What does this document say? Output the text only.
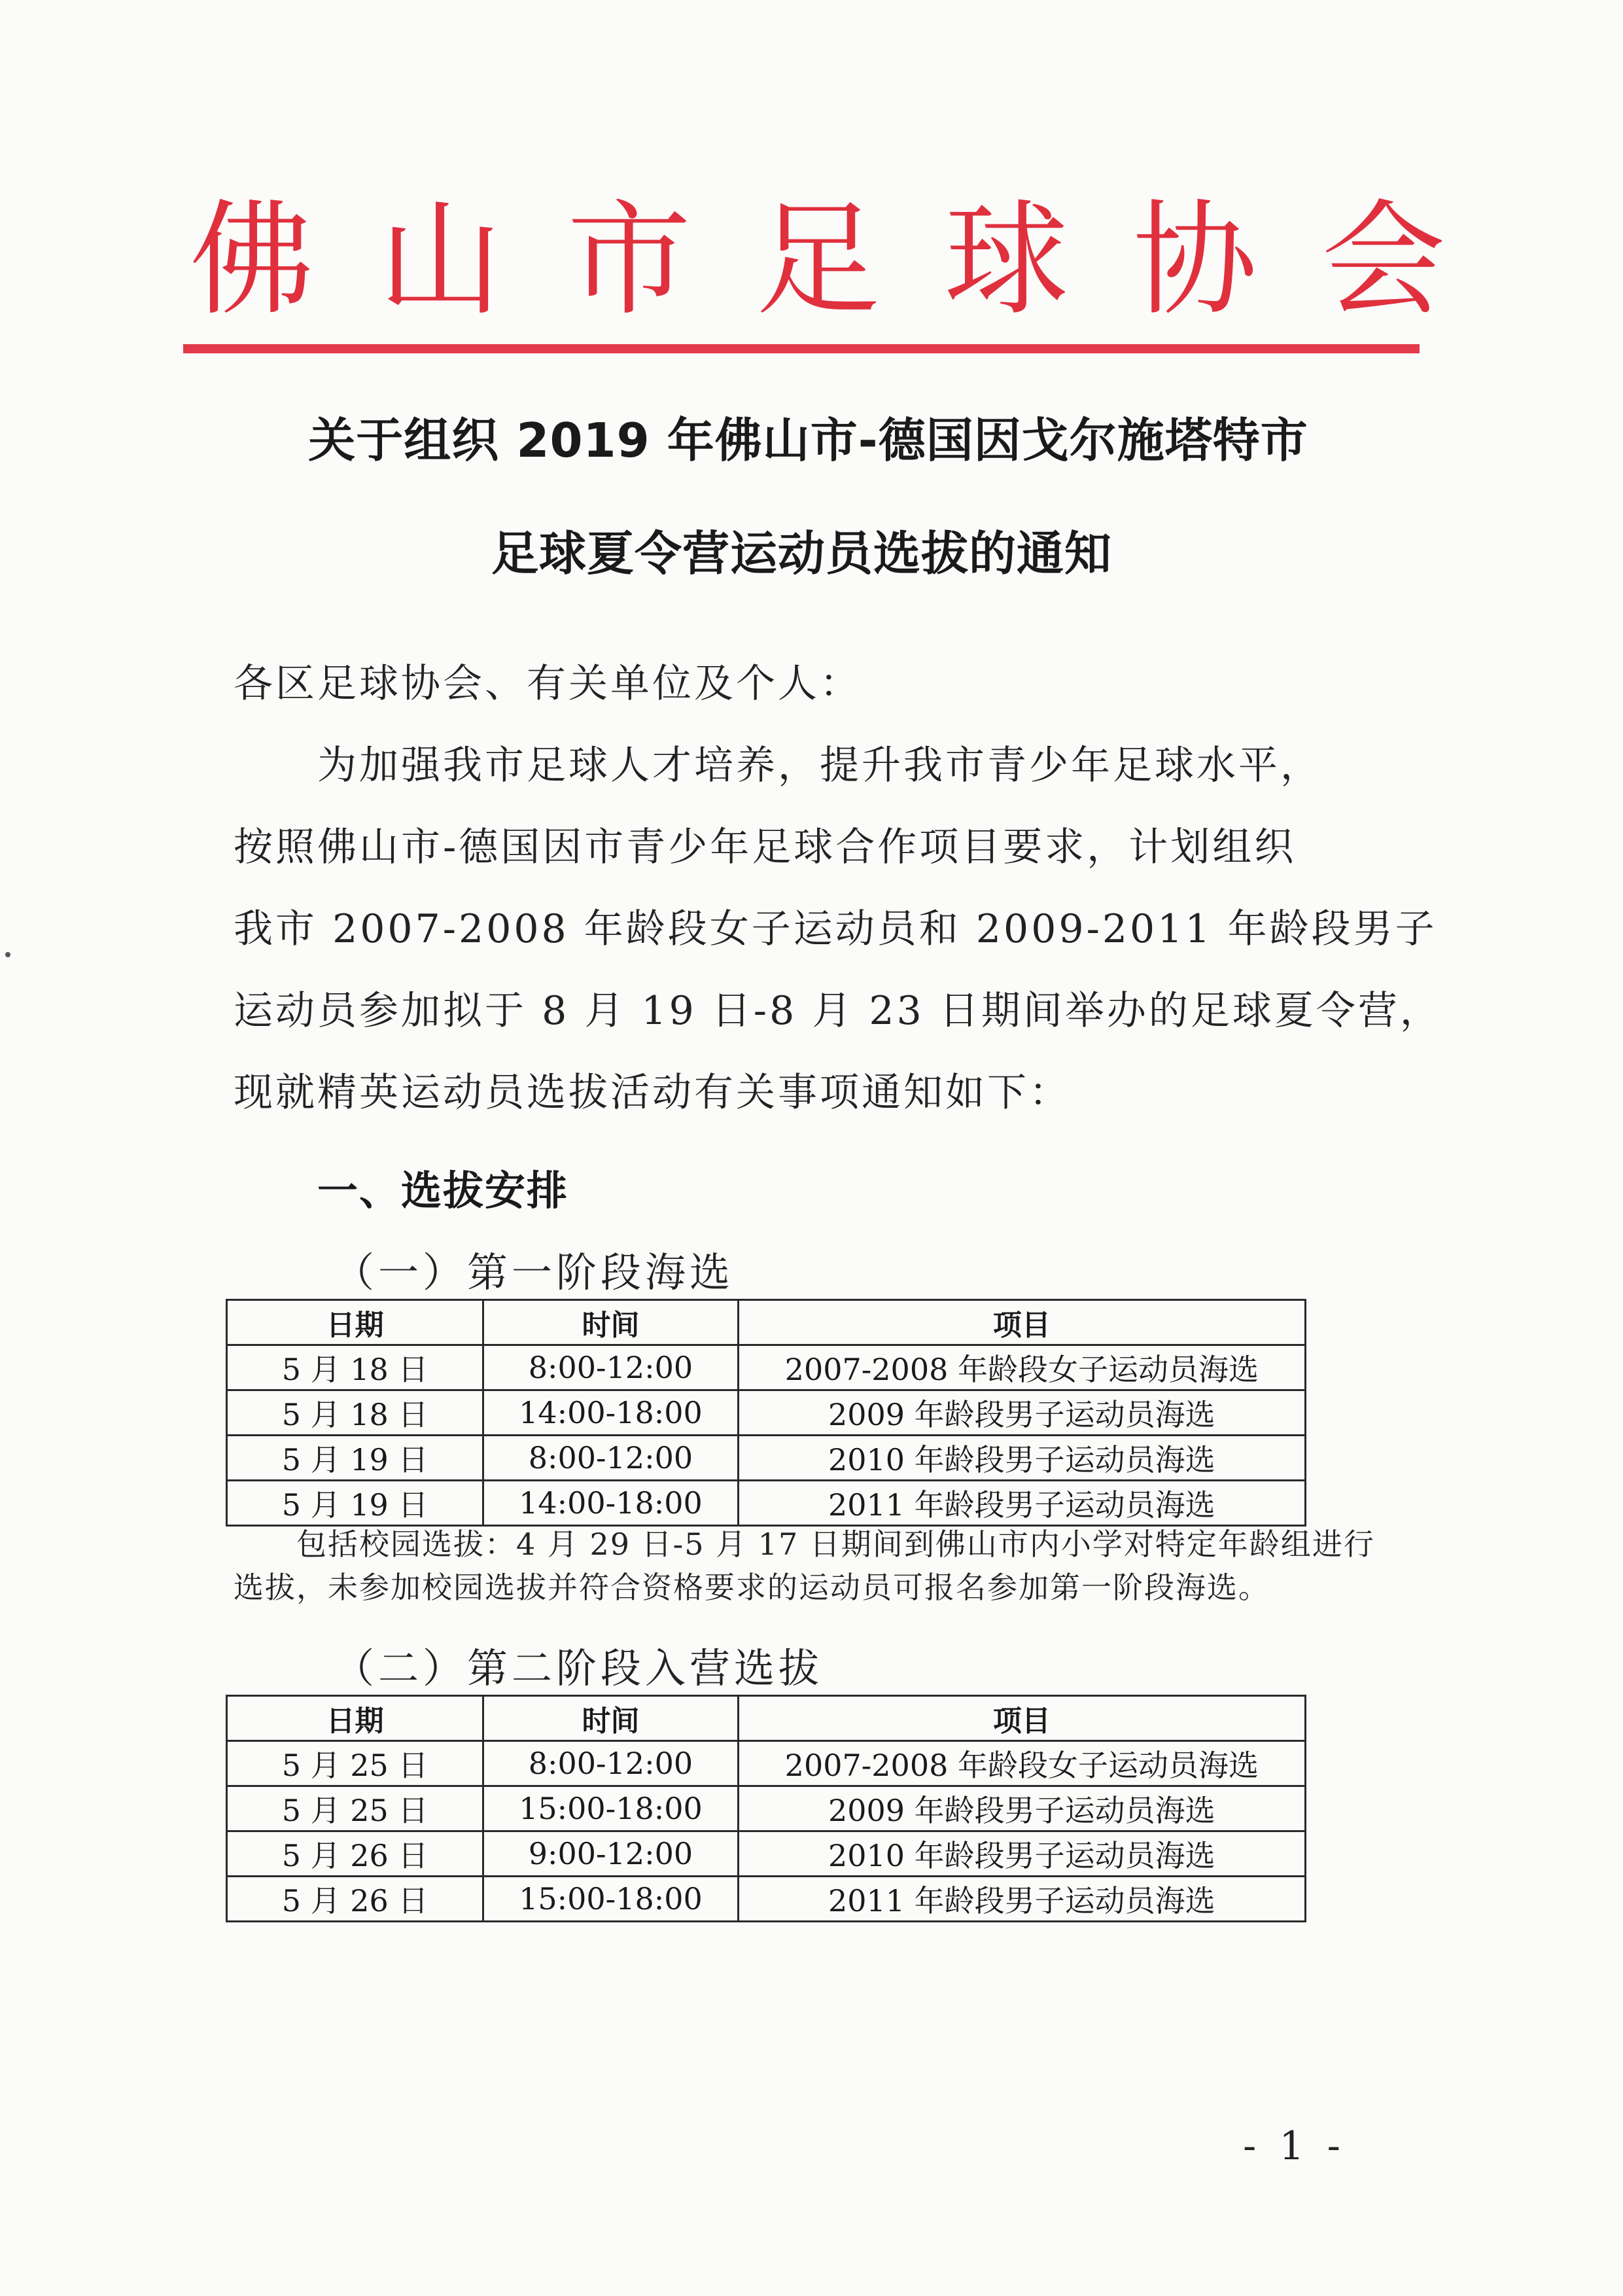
佛 山 市 足 球 协 会
关于组织 2019 年佛山市-德国因戈尔施塔特市
足球夏令营运动员选拔的通知
各区足球协会、有关单位及个人：
　　为加强我市足球人才培养，提升我市青少年足球水平，
按照佛山市-德国因市青少年足球合作项目要求，计划组织
我市 2007-2008 年龄段女子运动员和 2009-2011 年龄段男子
运动员参加拟于 8 月 19 日-8 月 23 日期间举办的足球夏令营，
现就精英运动员选拔活动有关事项通知如下：
一、选拔安排
（一）第一阶段海选
日期	时间	项目
5 月 18 日	8:00-12:00	2007-2008 年龄段女子运动员海选
5 月 18 日	14:00-18:00	2009 年龄段男子运动员海选
5 月 19 日	8:00-12:00	2010 年龄段男子运动员海选
5 月 19 日	14:00-18:00	2011 年龄段男子运动员海选
　　包括校园选拔：4 月 29 日-5 月 17 日期间到佛山市内小学对特定年龄组进行
选拔，未参加校园选拔并符合资格要求的运动员可报名参加第一阶段海选。
（二）第二阶段入营选拔
日期	时间	项目
5 月 25 日	8:00-12:00	2007-2008 年龄段女子运动员海选
5 月 25 日	15:00-18:00	2009 年龄段男子运动员海选
5 月 26 日	9:00-12:00	2010 年龄段男子运动员海选
5 月 26 日	15:00-18:00	2011 年龄段男子运动员海选
- 1 -
